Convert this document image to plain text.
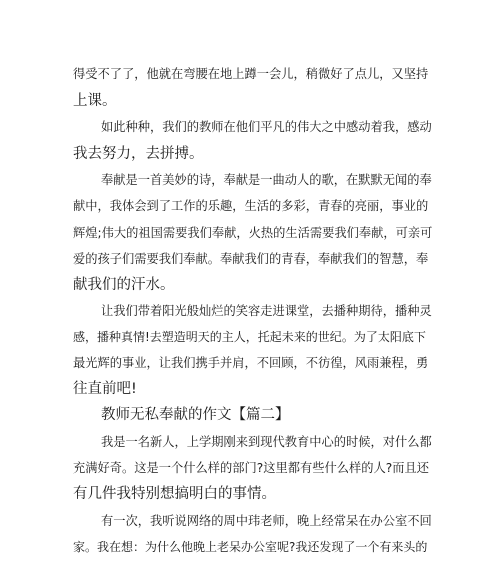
得受不了了，他就在弯腰在地上蹲一会儿，稍微好了点儿，又坚持
上课。
如此种种，我们的教师在他们平凡的伟大之中感动着我，感动
我去努力，去拼搏。
奉献是一首美妙的诗，奉献是一曲动人的歌，在默默无闻的奉
献中，我体会到了工作的乐趣，生活的多彩，青春的亮丽，事业的
辉煌;伟大的祖国需要我们奉献，火热的生活需要我们奉献，可亲可
爱的孩子们需要我们奉献。奉献我们的青春，奉献我们的智慧，奉
献我们的汗水。
让我们带着阳光般灿烂的笑容走进课堂，去播种期待，播种灵
感，播种真情!去塑造明天的主人，托起未来的世纪。为了太阳底下
最光辉的事业，让我们携手并肩，不回顾，不彷徨，风雨兼程，勇
往直前吧!
教师无私奉献的作文【篇二】
我是一名新人，上学期刚来到现代教育中心的时候，对什么都
充满好奇。这是一个什么样的部门?这里都有些什么样的人?而且还
有几件我特别想搞明白的事情。
有一次，我听说网络的周中玮老师，晚上经常呆在办公室不回
家。我在想：为什么他晚上老呆办公室呢?我还发现了一个有来头的
